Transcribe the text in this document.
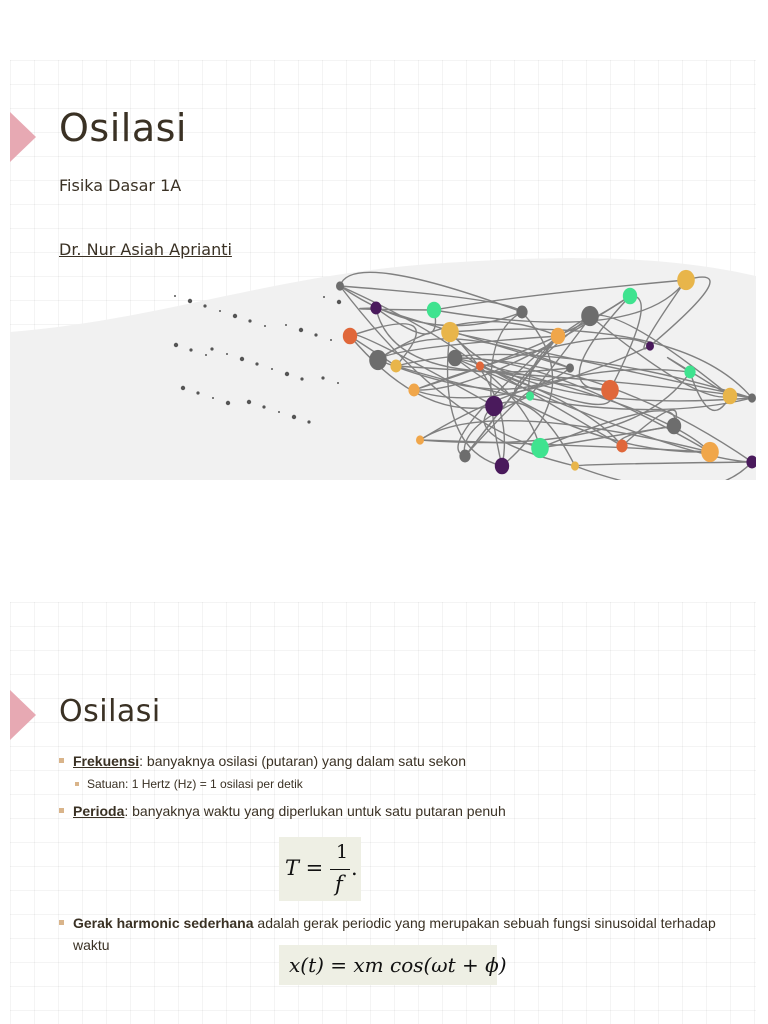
Osilasi
Fisika Dasar 1A
Dr. Nur Asiah Aprianti
Osilasi
Frekuensi: banyaknya osilasi (putaran) yang dalam satu sekon
Satuan: 1 Hertz (Hz) = 1 osilasi per detik
Perioda: banyaknya waktu yang diperlukan untuk satu putaran penuh
Gerak harmonic sederhana adalah gerak periodic yang merupakan sebuah fungsi sinusoidal terhadap waktu
T =
1
f
.
x(t) = xm cos(ωt + ϕ)
